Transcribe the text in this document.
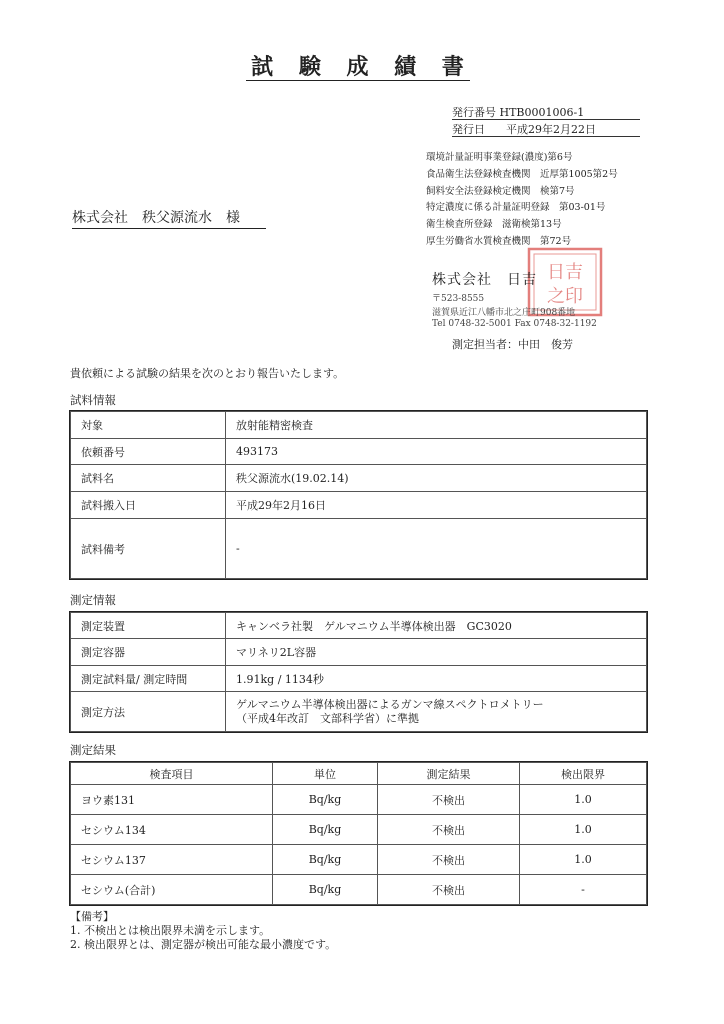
試 験 成 績 書
発行番号 HTB0001006-1
発行日 平成29年2月22日
環境計量証明事業登録(濃度)第6号
食品衛生法登録検査機関　近厚第1005第2号
飼料安全法登録検定機関　検第7号
特定濃度に係る計量証明登録　第03-01号
衛生検査所登録　滋衛検第13号
厚生労働省水質検査機関　第72号
株式会社　秩父源流水　様
日吉
之印
株式会社　日吉
〒523-8555
滋賀県近江八幡市北之庄町908番地
Tel 0748-32-5001 Fax 0748-32-1192
測定担当者：中田　俊芳
貴依頼による試験の結果を次のとおり報告いたします。
試料情報
対象	放射能精密検査
依頼番号	493173
試料名	秩父源流水(19.02.14)
試料搬入日	平成29年2月16日
試料備考	-
測定情報
測定装置	キャンベラ社製　ゲルマニウム半導体検出器　GC3020
測定容器	マリネリ2L容器
測定試料量/ 測定時間	1.91kg / 1134秒
測定方法	ゲルマニウム半導体検出器によるガンマ線スペクトロメトリー
（平成4年改訂　文部科学省）に準拠
測定結果
検査項目	単位	測定結果	検出限界
ヨウ素131	Bq/kg	不検出	1.0
セシウム134	Bq/kg	不検出	1.0
セシウム137	Bq/kg	不検出	1.0
セシウム(合計)	Bq/kg	不検出	-
【備考】
1. 不検出とは検出限界未満を示します。
2. 検出限界とは、測定器が検出可能な最小濃度です。
